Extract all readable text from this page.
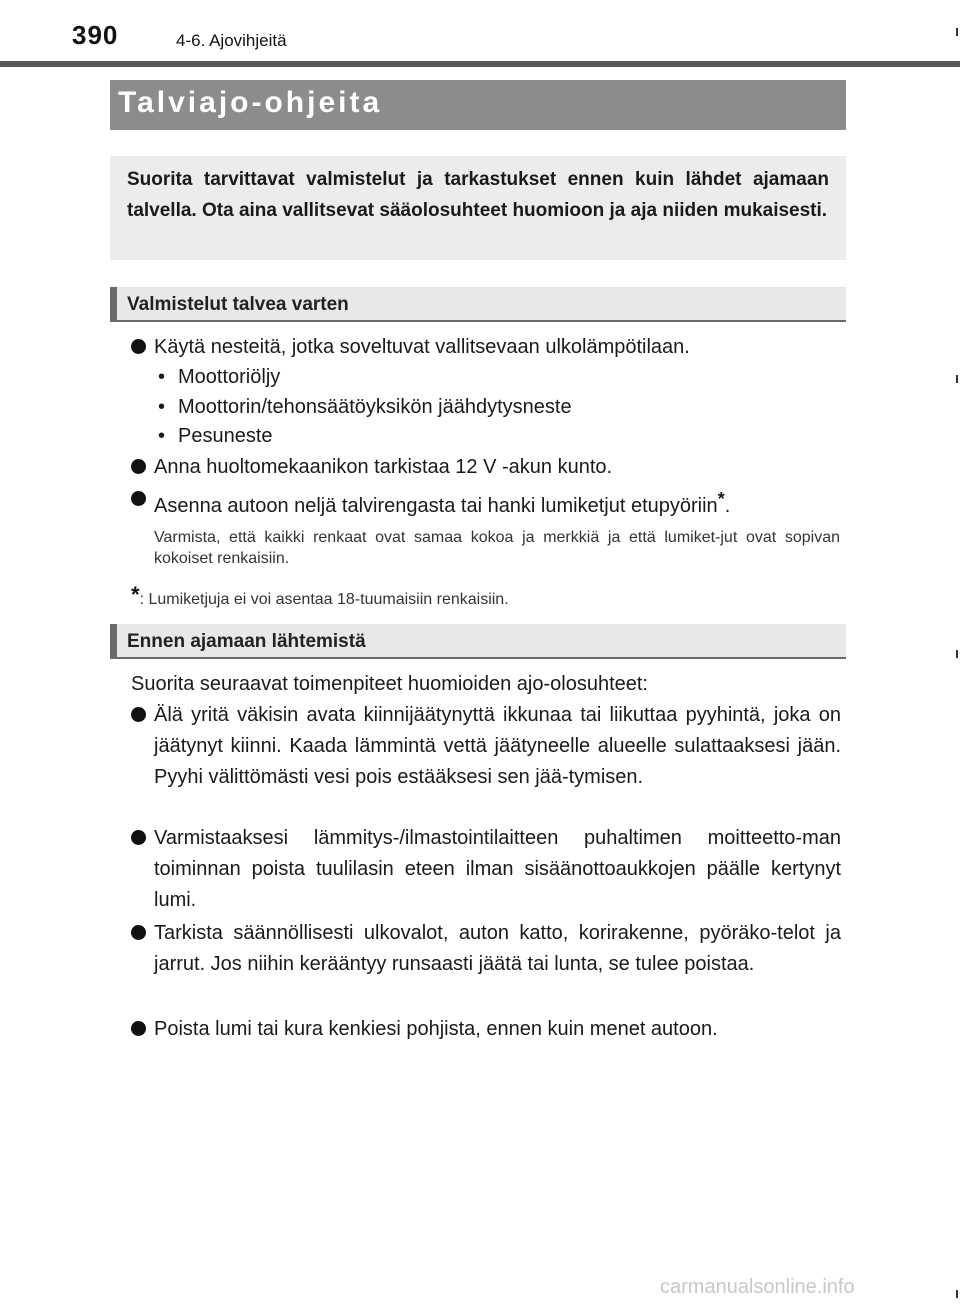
390	4-6. Ajovihjeitä
Talviajo-ohjeita
Suorita tarvittavat valmistelut ja tarkastukset ennen kuin lähdet ajamaan talvella. Ota aina vallitsevat sääolosuhteet huomioon ja aja niiden mukaisesti.
Valmistelut talvea varten
Käytä nesteitä, jotka soveltuvat vallitsevaan ulkolämpötilaan.
• Moottoriöljy
• Moottorin/tehonsäätöyksikön jäähdytysneste
• Pesuneste
Anna huoltomekaanikon tarkistaa 12 V -akun kunto.
Asenna autoon neljä talvirengasta tai hanki lumiketjut etupyöriin*.
Varmista, että kaikki renkaat ovat samaa kokoa ja merkkiä ja että lumiket-jut ovat sopivan kokoiset renkaisiin.
*: Lumiketjuja ei voi asentaa 18-tuumaisiin renkaisiin.
Ennen ajamaan lähtemistä
Suorita seuraavat toimenpiteet huomioiden ajo-olosuhteet:
Älä yritä väkisin avata kiinnijäätynyttä ikkunaa tai liikuttaa pyyhintä, joka on jäätynyt kiinni. Kaada lämmintä vettä jäätyneelle alueelle sulattaaksesi jään. Pyyhi välittömästi vesi pois estääksesi sen jää-tymisen.
Varmistaaksesi lämmitys-/ilmastointilaitteen puhaltimen moitteetto-man toiminnan poista tuulilasin eteen ilman sisäänottoaukkojen päälle kertynyt lumi.
Tarkista säännöllisesti ulkovalot, auton katto, korirakenne, pyöräko-telot ja jarrut. Jos niihin kerääntyy runsaasti jäätä tai lunta, se tulee poistaa.
Poista lumi tai kura kenkiesi pohjista, ennen kuin menet autoon.
carmanualsonline.info
